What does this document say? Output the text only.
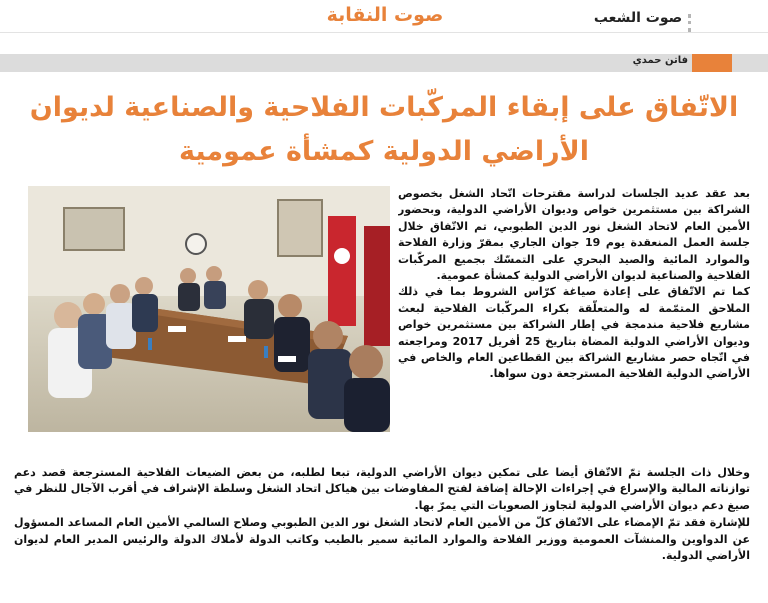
صوت النقابة	صوت الشعب
فاتن حمدي
الاتّفاق على إبقاء المركّبات الفلاحية والصناعية لديوان الأراضي الدولية كمشأة عمومية

بعد عقد عديد الجلسات لدراسة مقترحات اتّحاد الشغل بخصوص الشراكة بين مستثمرين خواص وديوان الأراضي الدولية، وبحضور الأمين العام لاتحاد الشغل نور الدين الطبوبي، تم الاتّفاق خلال جلسة العمل المنعقدة يوم 19 جوان الجاري بمقرّ وزارة الفلاحة والموارد المائية والصيد البحري على التمسّك بجميع المركّبات الفلاحية والصناعية لديوان الأراضي الدولية كمشأة عمومية.

كما تم الاتّفاق على إعادة صياغة كرّاس الشروط بما في ذلك الملاحق المتمّمة له والمتعلّقة بكراء المركّبات الفلاحية لبعث مشاريع فلاحية مندمجة في إطار الشراكة بين مستثمرين خواص وديوان الأراضي الدولية المضاة بتاريخ 25 أفريل 2017 ومراجعته في اتّجاه حصر مشاريع الشراكة بين القطاعين العام والخاص في الأراضي الدولية الفلاحية المسترجعة دون سواها.

وخلال ذات الجلسة تمّ الاتّفاق أيضا على تمكين ديوان الأراضي الدولية، تبعا لطلبه، من بعض الضيعات الفلاحية المسترجعة قصد دعم توازناته المالية والإسراع في إجراءات الإحالة إضافة لفتح المفاوضات بين هياكل اتحاد الشغل وسلطة الإشراف في أقرب الآجال للنظر في صيغ دعم ديوان الأراضي الدولية لتجاوز الصعوبات التي يمرّ بها.

للإشارة فقد تمّ الإمضاء على الاتّفاق كلّ من الأمين العام لاتحاد الشغل نور الدين الطبوبي وصلاح السالمي الأمين العام المساعد المسؤول عن الدواوين والمنشآت العمومية ووزير الفلاحة والموارد المائية سمير بالطيب وكاتب الدولة لأملاك الدولة والرئيس المدير العام لديوان الأراضي الدولية.
